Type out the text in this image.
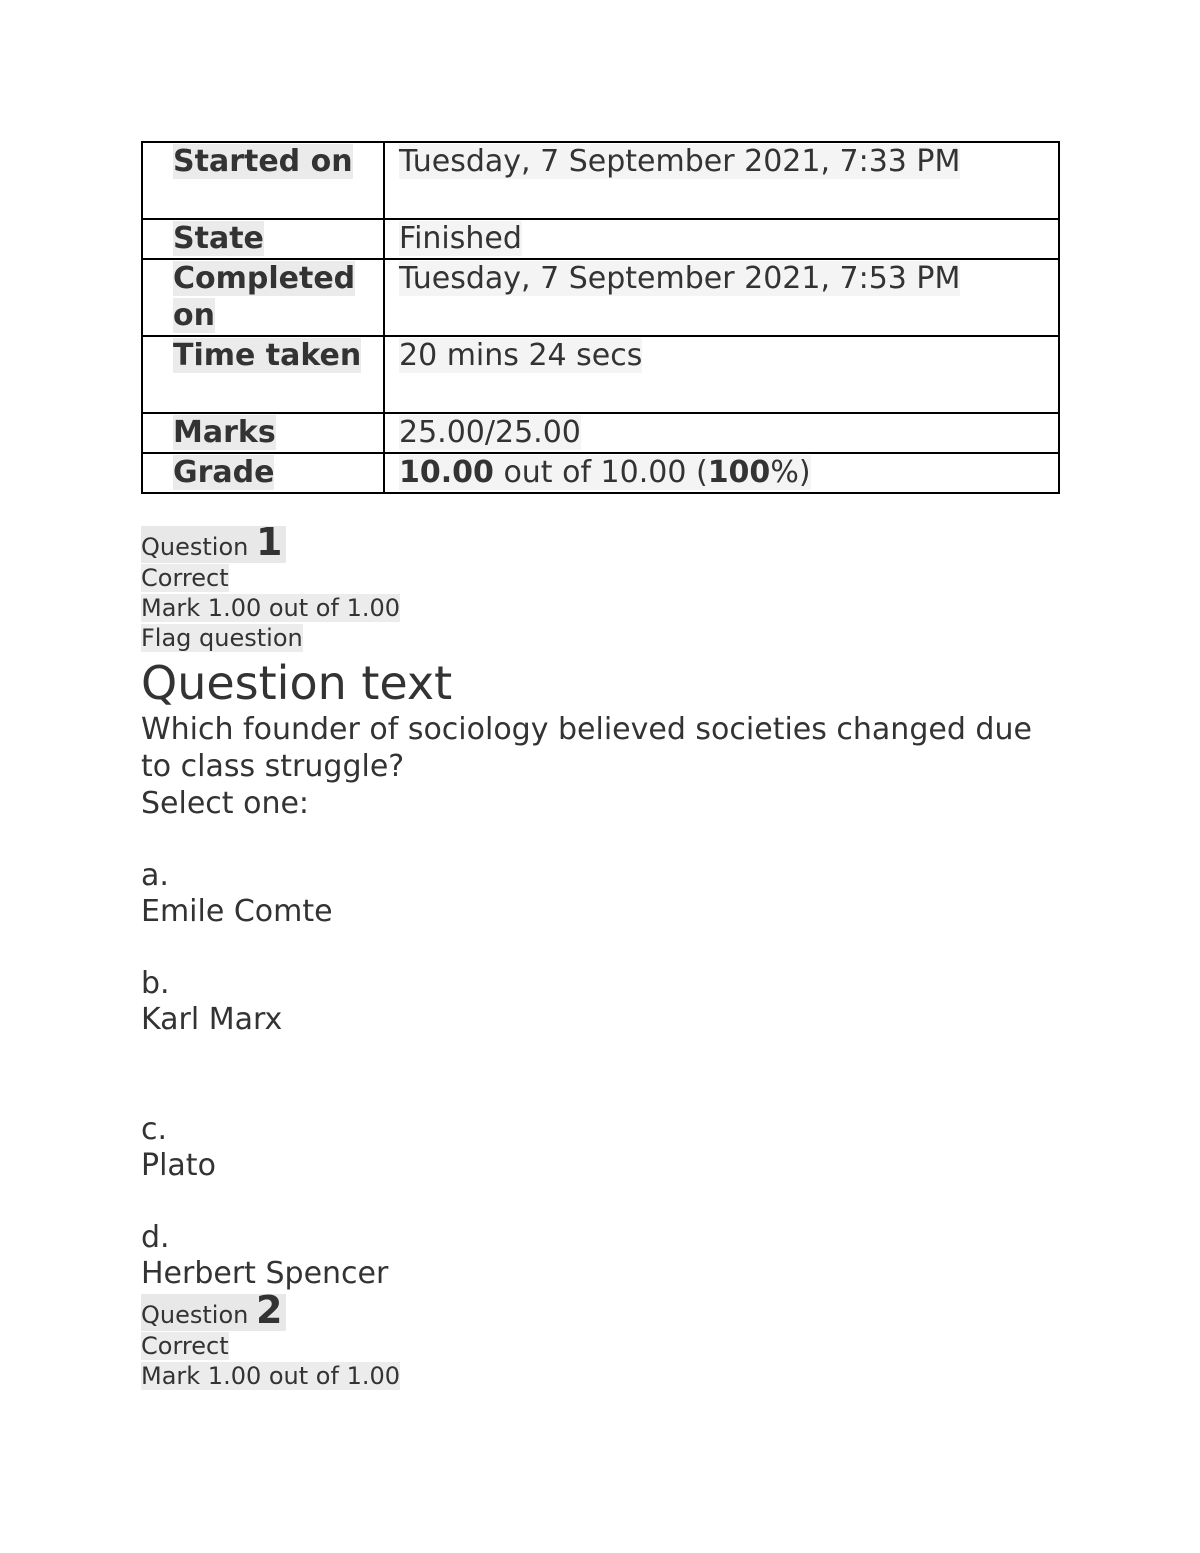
Started on	Tuesday, 7 September 2021, 7:33 PM
State	Finished
Completed on	Tuesday, 7 September 2021, 7:53 PM
Time taken	20 mins 24 secs
Marks	25.00/25.00
Grade	10.00 out of 10.00 (100%)
Question 1
Correct
Mark 1.00 out of 1.00
Flag question
Question text
Which founder of sociology believed societies changed due to class struggle?
Select one:
a.
Emile Comte
b.
Karl Marx
c.
Plato
d.
Herbert Spencer
Question 2
Correct
Mark 1.00 out of 1.00
